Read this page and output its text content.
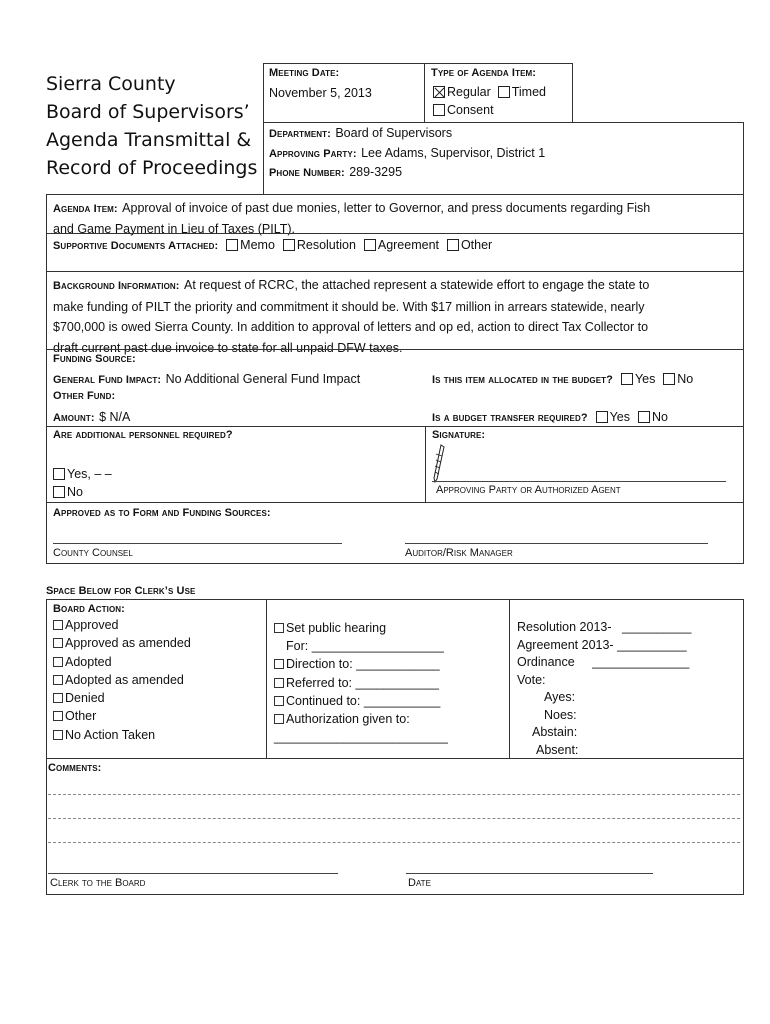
Sierra County
Board of Supervisors’
Agenda Transmittal &
Record of Proceedings
Meeting Date:
November 5, 2013
Type of Agenda Item:
Regular Timed
Consent
Department: Board of Supervisors
Approving Party: Lee Adams, Supervisor, District 1
Phone Number: 289-3295
Agenda Item: Approval of invoice of past due monies, letter to Governor, and press documents regarding Fish
and Game Payment in Lieu of Taxes (PILT).
Supportive Documents Attached: Memo Resolution Agreement Other
Background Information: At request of RCRC, the attached represent a statewide effort to engage the state to
make funding of PILT the priority and commitment it should be. With $17 million in arrears statewide, nearly
$700,000 is owed Sierra County. In addition to approval of letters and op ed, action to direct Tax Collector to
draft current past due invoice to state for all unpaid DFW taxes.
Funding Source:
General Fund Impact: No Additional General Fund Impact
Other Fund:
Amount: $ N/A
Is this item allocated in the budget? Yes No
Is a budget transfer required? Yes No
Are additional personnel required?
Yes, – –
No
Signature:
Approving Party or Authorized Agent
Approved as to Form and Funding Sources:
County Counsel	Auditor/Risk Manager
Space Below for Clerk’s Use
Board Action:
Approved
Approved as amended
Adopted
Adopted as amended
Denied
Other
No Action Taken
Set public hearing
For: ___________________
Direction to: ____________
Referred to: ____________
Continued to: ___________
Authorization given to:
_________________________
Resolution 2013- __________
Agreement 2013- __________
Ordinance ______________
Vote:
Ayes:
Noes:
Abstain:
Absent:
Comments:
Clerk to the Board	Date
